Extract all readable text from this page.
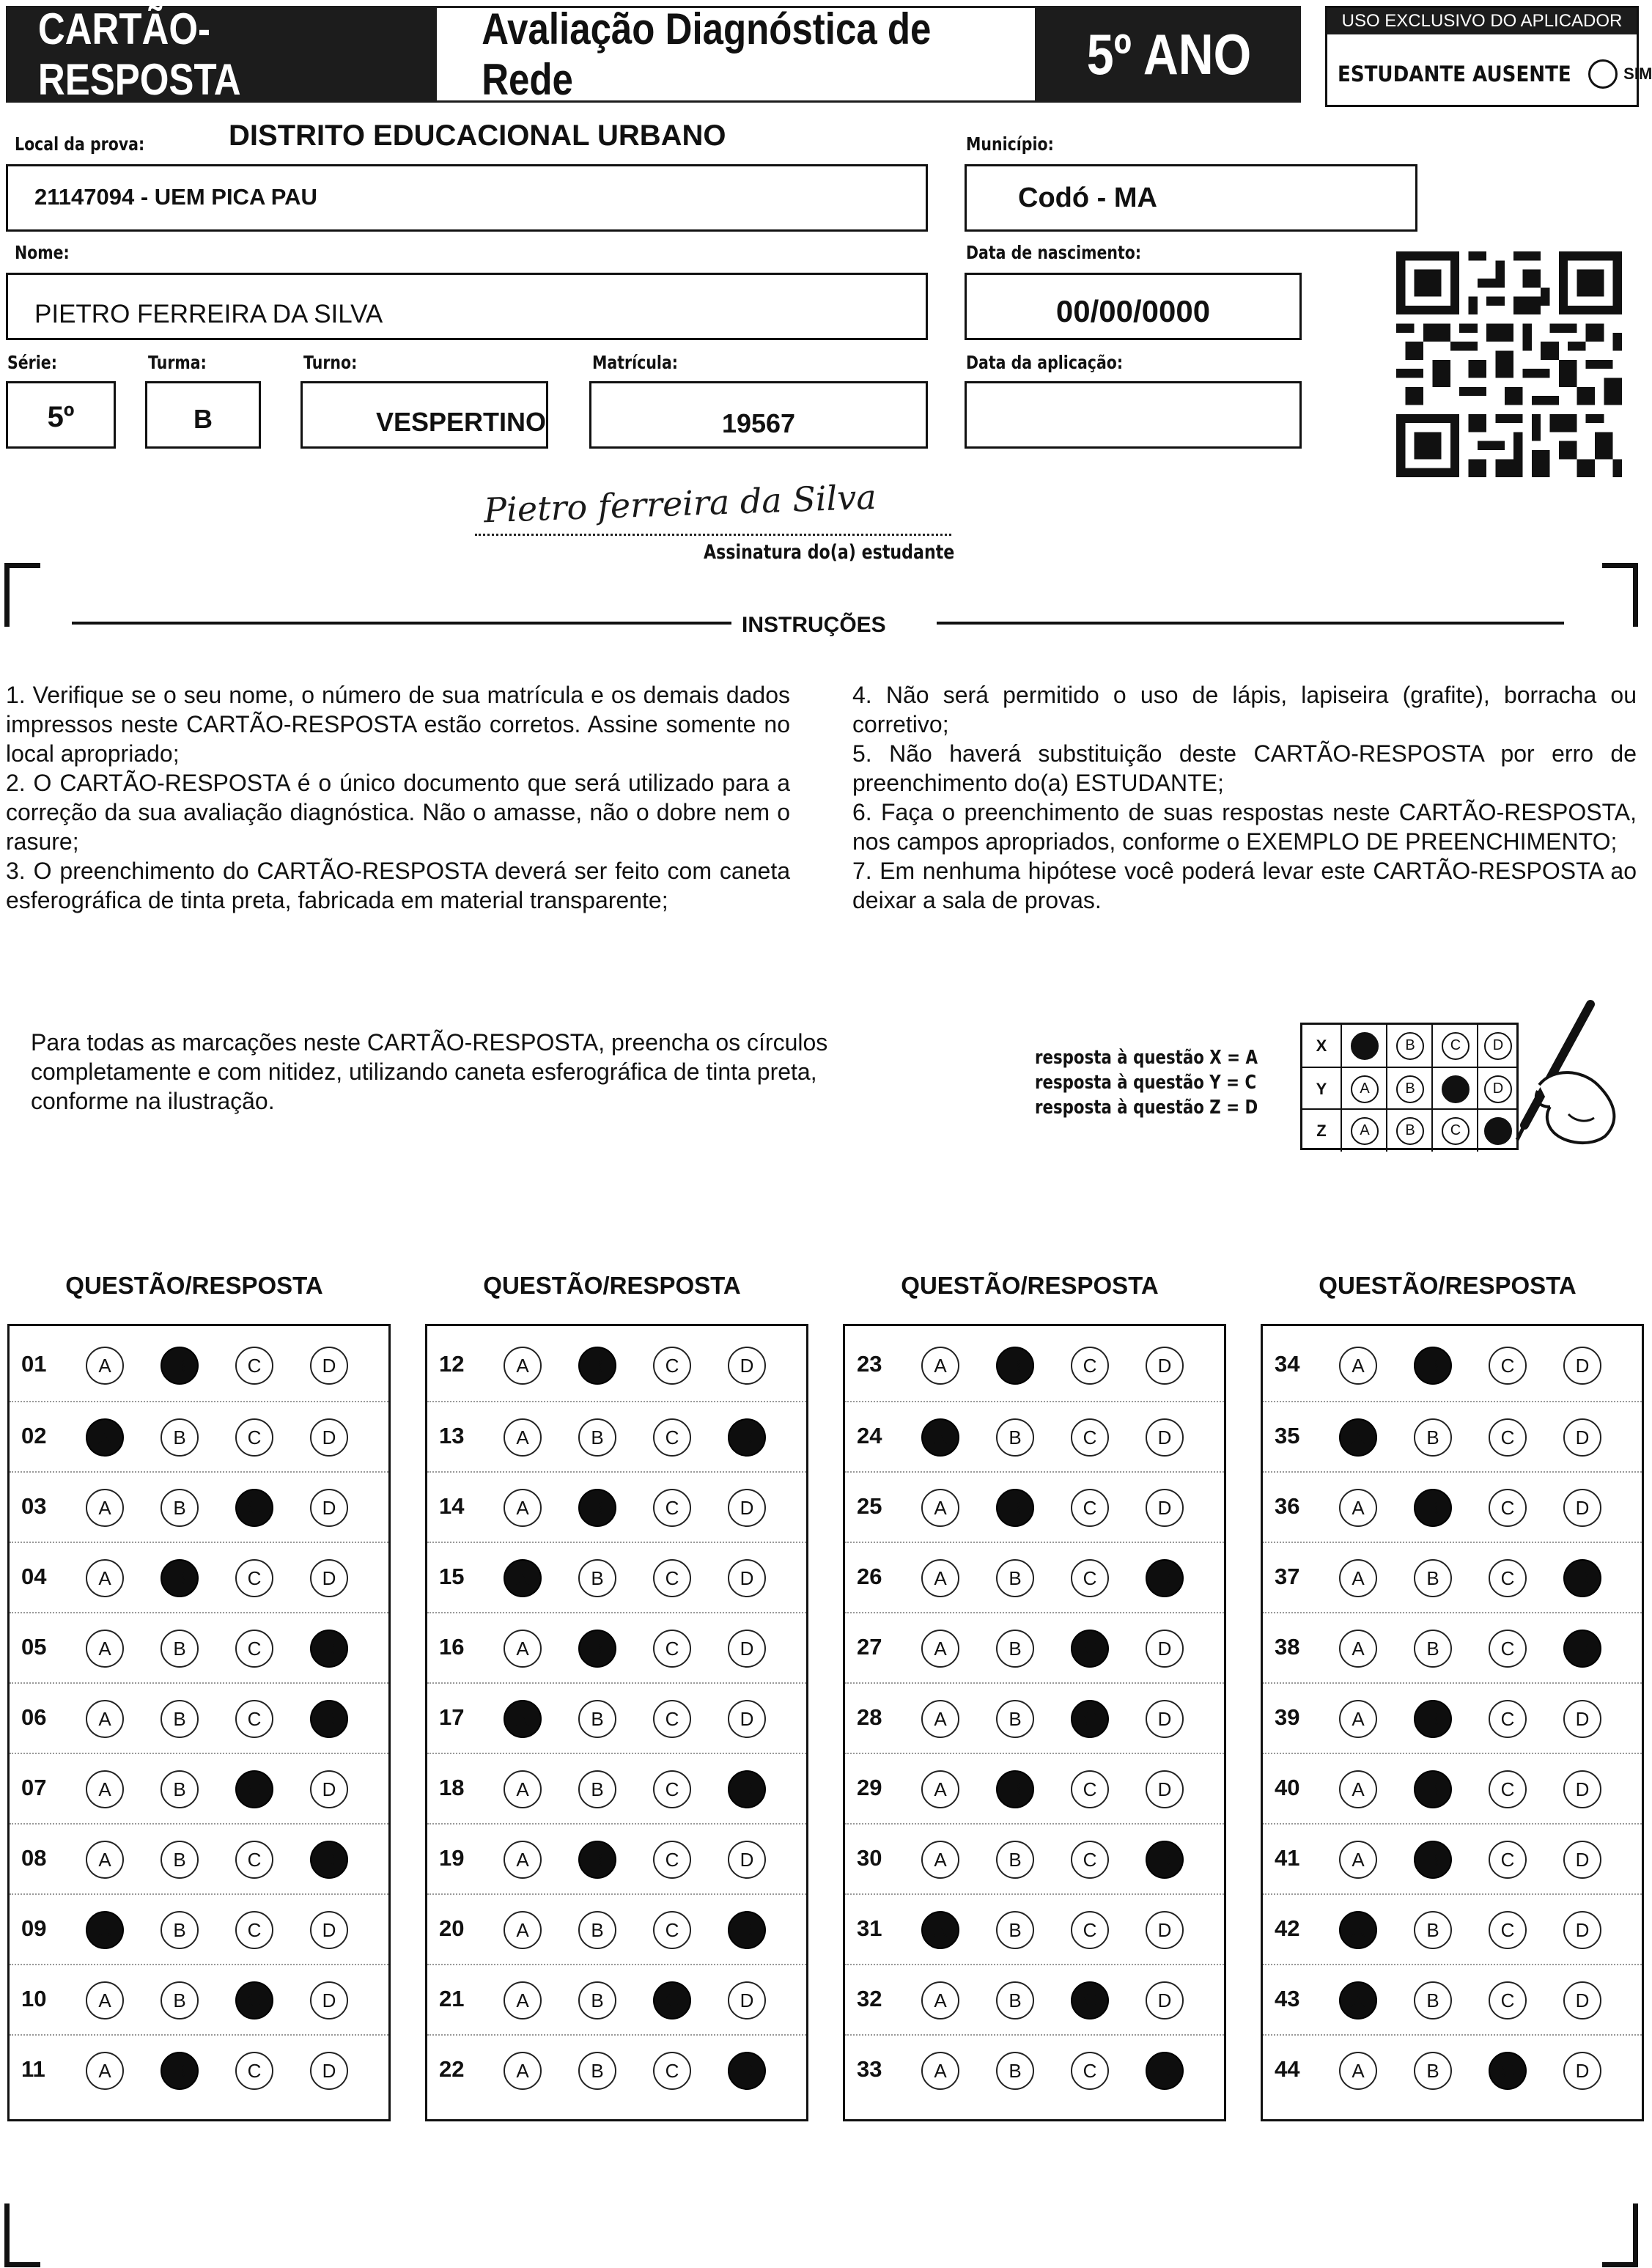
CARTÃO-RESPOSTA
Avaliação Diagnóstica de Rede	5º ANO
USO EXCLUSIVO DO APLICADOR
ESTUDANTE AUSENTE	SIM
Local da prova:	DISTRITO EDUCACIONAL URBANO
21147094 - UEM PICA PAU
Município:
Codó - MA
Nome:
PIETRO FERREIRA DA SILVA
Data de nascimento:
00/00/0000
Série:
5º
Turma:
B
Turno:
VESPERTINO
Matrícula:
19567
Data da aplicação:
Pietro ferreira da Silva
Assinatura do(a) estudante
INSTRUÇÕES

1. Verifique se o seu nome, o número de sua matrícula e os demais dados impressos neste CARTÃO-RESPOSTA estão corretos. Assine somente no local apropriado;

2. O CARTÃO-RESPOSTA é o único documento que será utilizado para a correção da sua avaliação diagnóstica. Não o amasse, não o dobre nem o rasure;

3. O preenchimento do CARTÃO-RESPOSTA deverá ser feito com caneta esferográfica de tinta preta, fabricada em material transparente;

4. Não será permitido o uso de lápis, lapiseira (grafite), borracha ou corretivo;

5. Não haverá substituição deste CARTÃO-RESPOSTA por erro de preenchimento do(a) ESTUDANTE;

6. Faça o preenchimento de suas respostas neste CARTÃO-RESPOSTA, nos campos apropriados, conforme o EXEMPLO DE PREENCHIMENTO;

7. Em nenhuma hipótese você poderá levar este CARTÃO-RESPOSTA ao deixar a sala de provas.

Para todas as marcações neste CARTÃO-RESPOSTA, preencha os círculos completamente e com nitidez, utilizando caneta esferográfica de tinta preta, conforme na ilustração.
resposta à questão X = A
resposta à questão Y = C
resposta à questão Z = D
X	B	C	D
Y	A	B	D
Z	A	B	C
QUESTÃO/RESPOSTA	QUESTÃO/RESPOSTA	QUESTÃO/RESPOSTA	QUESTÃO/RESPOSTA
01	A	B	C	D
02	A	B	C	D
03	A	B	C	D
04	A	B	C	D
05	A	B	C	D
06	A	B	C	D
07	A	B	C	D
08	A	B	C	D
09	A	B	C	D
10	A	B	C	D
11	A	B	C	D
12	A	B	C	D
13	A	B	C	D
14	A	B	C	D
15	A	B	C	D
16	A	B	C	D
17	A	B	C	D
18	A	B	C	D
19	A	B	C	D
20	A	B	C	D
21	A	B	C	D
22	A	B	C	D
23	A	B	C	D
24	A	B	C	D
25	A	B	C	D
26	A	B	C	D
27	A	B	C	D
28	A	B	C	D
29	A	B	C	D
30	A	B	C	D
31	A	B	C	D
32	A	B	C	D
33	A	B	C	D
34	A	B	C	D
35	A	B	C	D
36	A	B	C	D
37	A	B	C	D
38	A	B	C	D
39	A	B	C	D
40	A	B	C	D
41	A	B	C	D
42	A	B	C	D
43	A	B	C	D
44	A	B	C	D
